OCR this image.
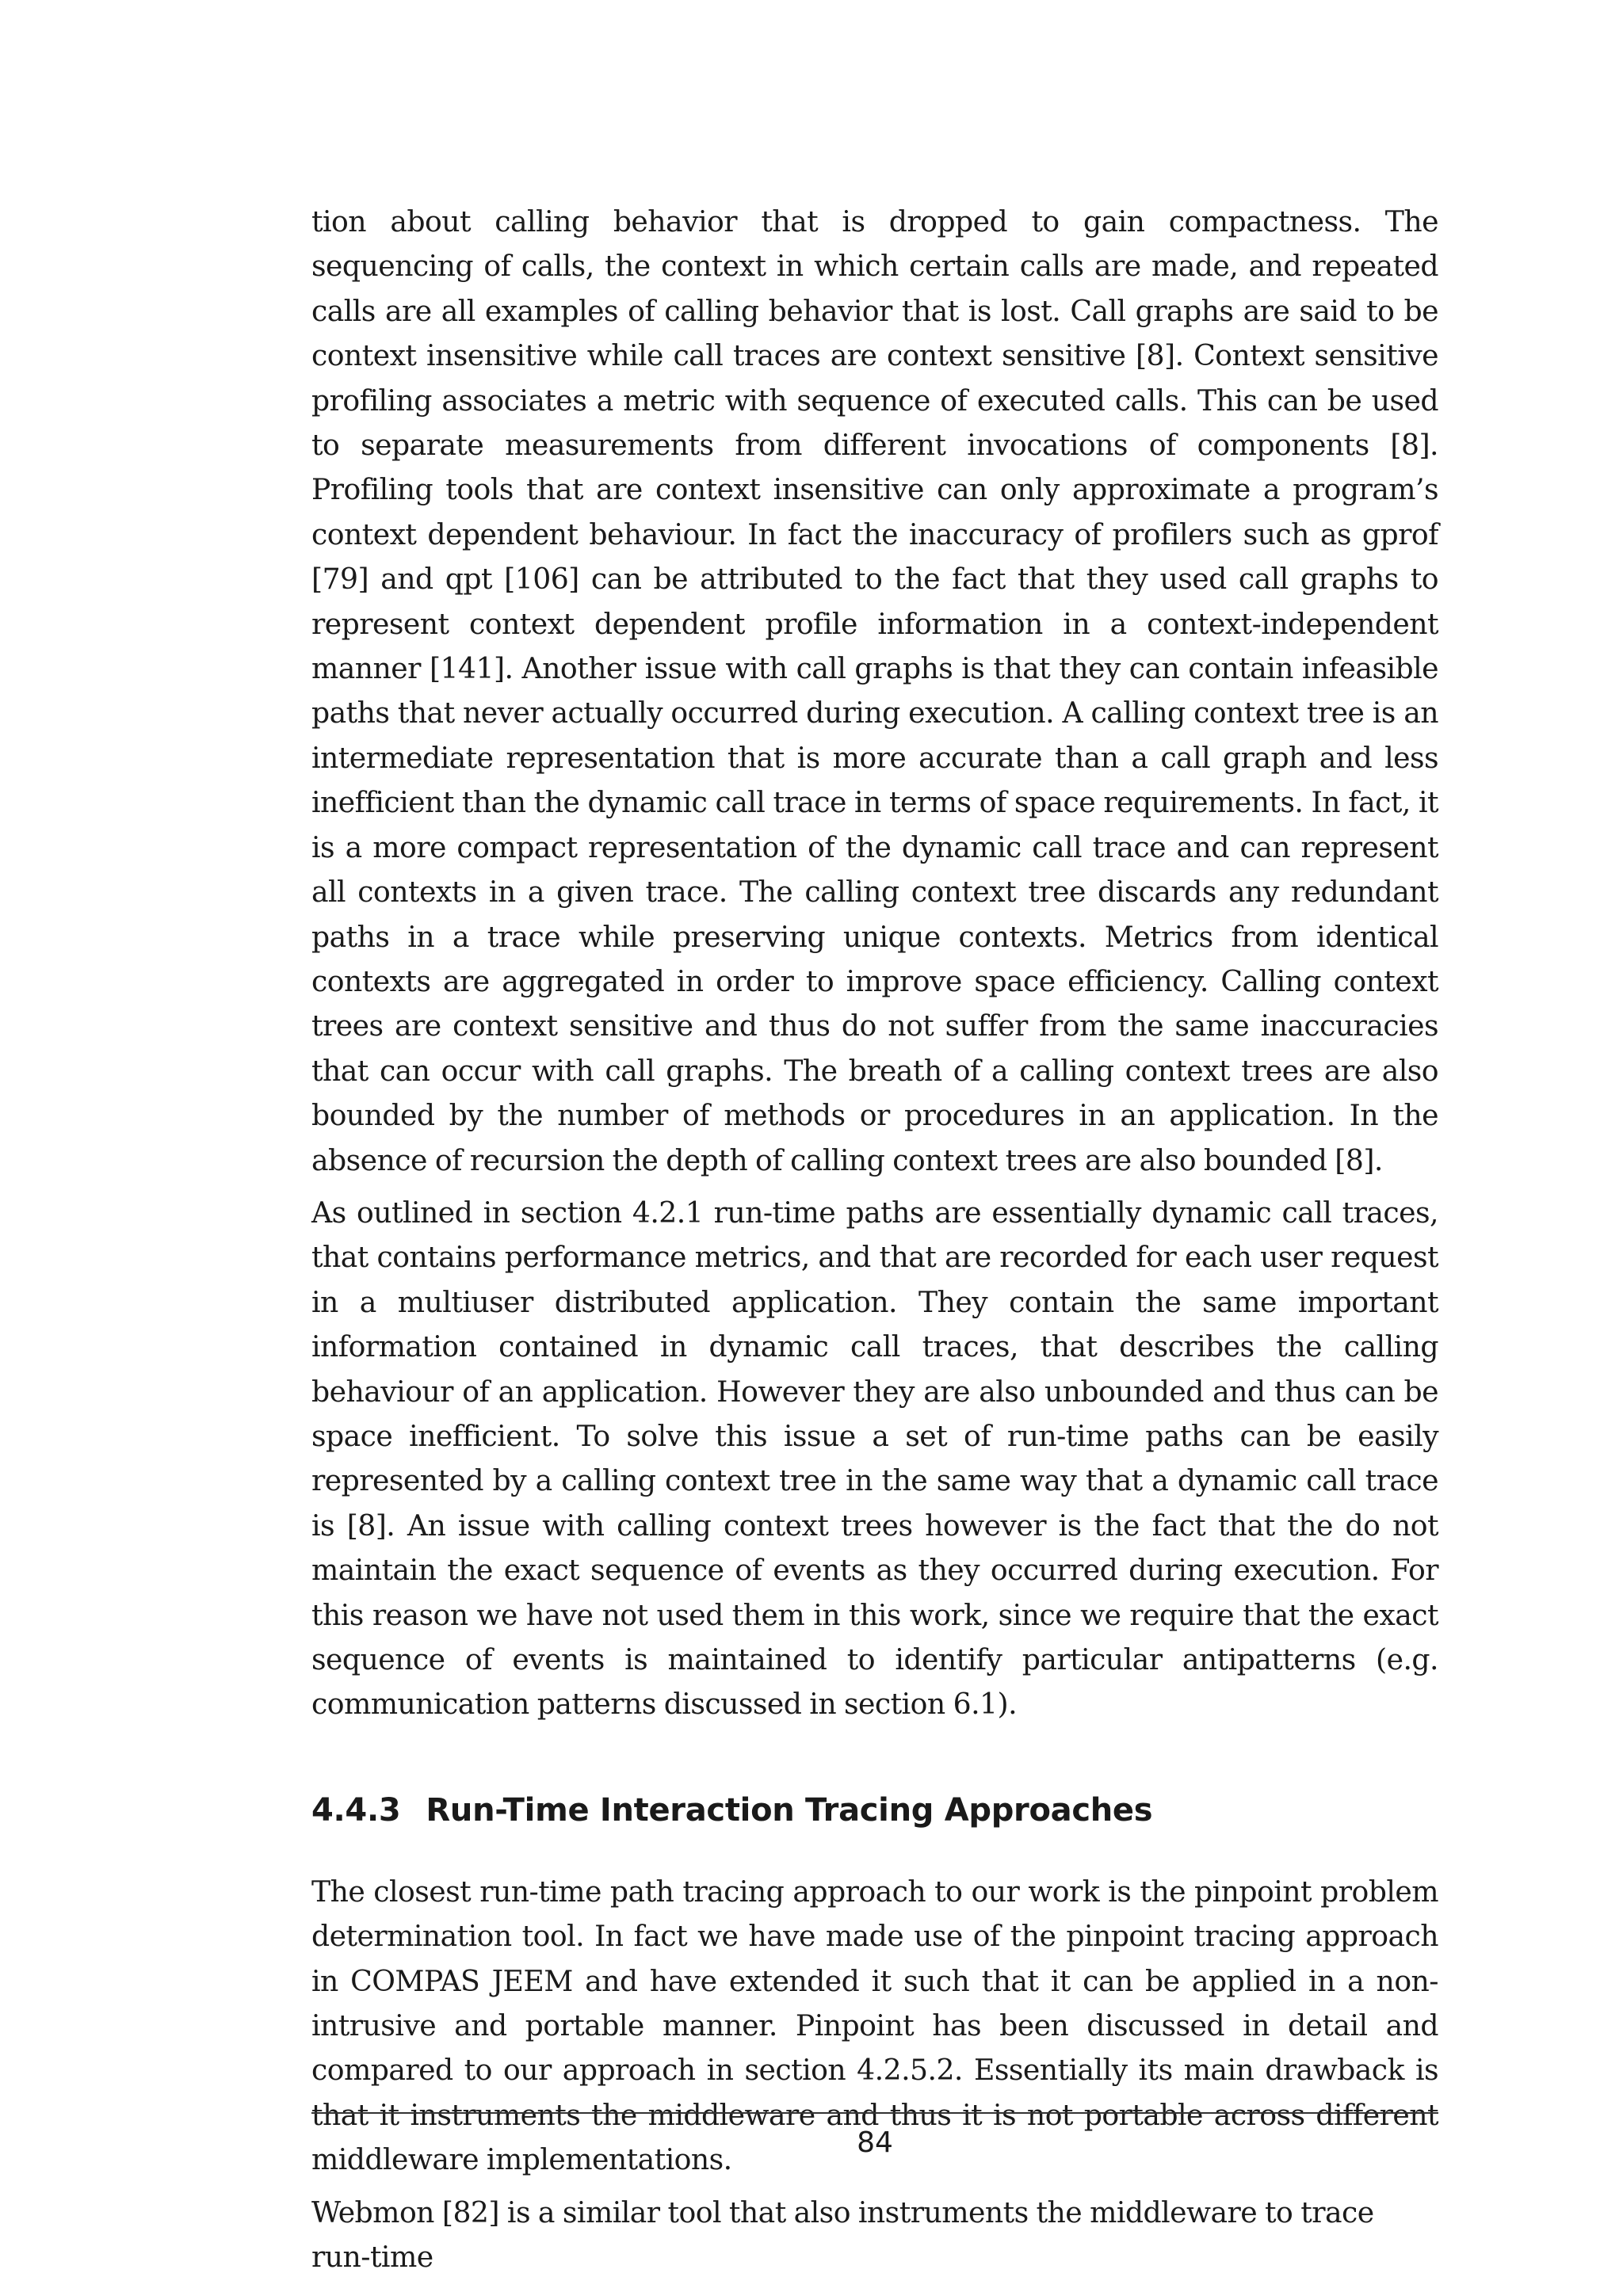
tion about calling behavior that is dropped to gain compactness. The sequencing of calls, the context in which certain calls are made, and repeated calls are all examples of calling behavior that is lost. Call graphs are said to be context insensitive while call traces are context sensitive [8]. Context sensitive profiling associates a metric with sequence of executed calls. This can be used to separate measurements from different invocations of components [8]. Profiling tools that are context insensitive can only approximate a program’s context dependent behaviour. In fact the inaccuracy of profilers such as gprof [79] and qpt [106] can be attributed to the fact that they used call graphs to represent context dependent profile information in a context-independent manner [141]. Another issue with call graphs is that they can contain infeasible paths that never actually occurred during execution. A calling context tree is an intermediate representation that is more accurate than a call graph and less inefficient than the dynamic call trace in terms of space requirements. In fact, it is a more compact representation of the dynamic call trace and can represent all contexts in a given trace. The calling context tree discards any redundant paths in a trace while preserving unique contexts. Metrics from identical contexts are aggregated in order to improve space efficiency. Calling context trees are context sensitive and thus do not suffer from the same inaccuracies that can occur with call graphs. The breath of a calling context trees are also bounded by the number of methods or procedures in an application. In the absence of recursion the depth of calling context trees are also bounded [8].

As outlined in section 4.2.1 run-time paths are essentially dynamic call traces, that contains performance metrics, and that are recorded for each user request in a multiuser distributed application. They contain the same important information contained in dynamic call traces, that describes the calling behaviour of an application. However they are also unbounded and thus can be space inefficient. To solve this issue a set of run-time paths can be easily represented by a calling context tree in the same way that a dynamic call trace is [8]. An issue with calling context trees however is the fact that the do not maintain the exact sequence of events as they occurred during execution. For this reason we have not used them in this work, since we require that the exact sequence of events is maintained to identify particular antipatterns (e.g. communication patterns discussed in section 6.1).

4.4.3 Run-Time Interaction Tracing Approaches

The closest run-time path tracing approach to our work is the pinpoint problem determination tool. In fact we have made use of the pinpoint tracing approach in COMPAS JEEM and have extended it such that it can be applied in a non-intrusive and portable manner. Pinpoint has been discussed in detail and compared to our approach in section 4.2.5.2. Essentially its main drawback is that it instruments the middleware and thus it is not portable across different middleware implementations.

Webmon [82] is a similar tool that also instruments the middleware to trace run-time

84
